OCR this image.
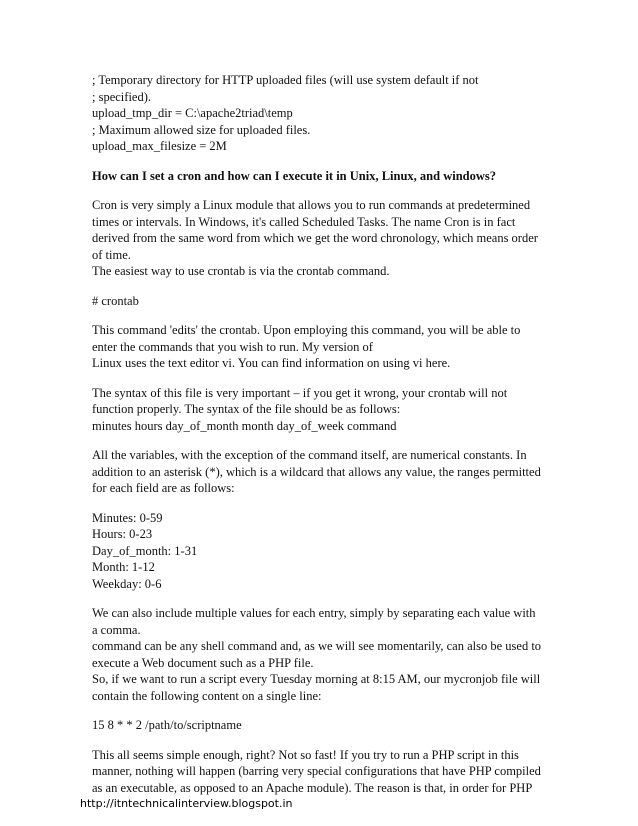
; Temporary directory for HTTP uploaded files (will use system default if not
; specified).
upload_tmp_dir = C:\apache2triad\temp
; Maximum allowed size for uploaded files.
upload_max_filesize = 2M
How can I set a cron and how can I execute it in Unix, Linux, and windows?
Cron is very simply a Linux module that allows you to run commands at predetermined
times or intervals. In Windows, it's called Scheduled Tasks. The name Cron is in fact
derived from the same word from which we get the word chronology, which means order
of time.
The easiest way to use crontab is via the crontab command.
# crontab
This command 'edits' the crontab. Upon employing this command, you will be able to
enter the commands that you wish to run. My version of
Linux uses the text editor vi. You can find information on using vi here.
The syntax of this file is very important – if you get it wrong, your crontab will not
function properly. The syntax of the file should be as follows:
minutes hours day_of_month month day_of_week command
All the variables, with the exception of the command itself, are numerical constants. In
addition to an asterisk (*), which is a wildcard that allows any value, the ranges permitted
for each field are as follows:
Minutes: 0-59
Hours: 0-23
Day_of_month: 1-31
Month: 1-12
Weekday: 0-6
We can also include multiple values for each entry, simply by separating each value with
a comma.
command can be any shell command and, as we will see momentarily, can also be used to
execute a Web document such as a PHP file.
So, if we want to run a script every Tuesday morning at 8:15 AM, our mycronjob file will
contain the following content on a single line:
15 8 * * 2 /path/to/scriptname
This all seems simple enough, right? Not so fast! If you try to run a PHP script in this
manner, nothing will happen (barring very special configurations that have PHP compiled
as an executable, as opposed to an Apache module). The reason is that, in order for PHP
http://itntechnicalinterview.blogspot.in
